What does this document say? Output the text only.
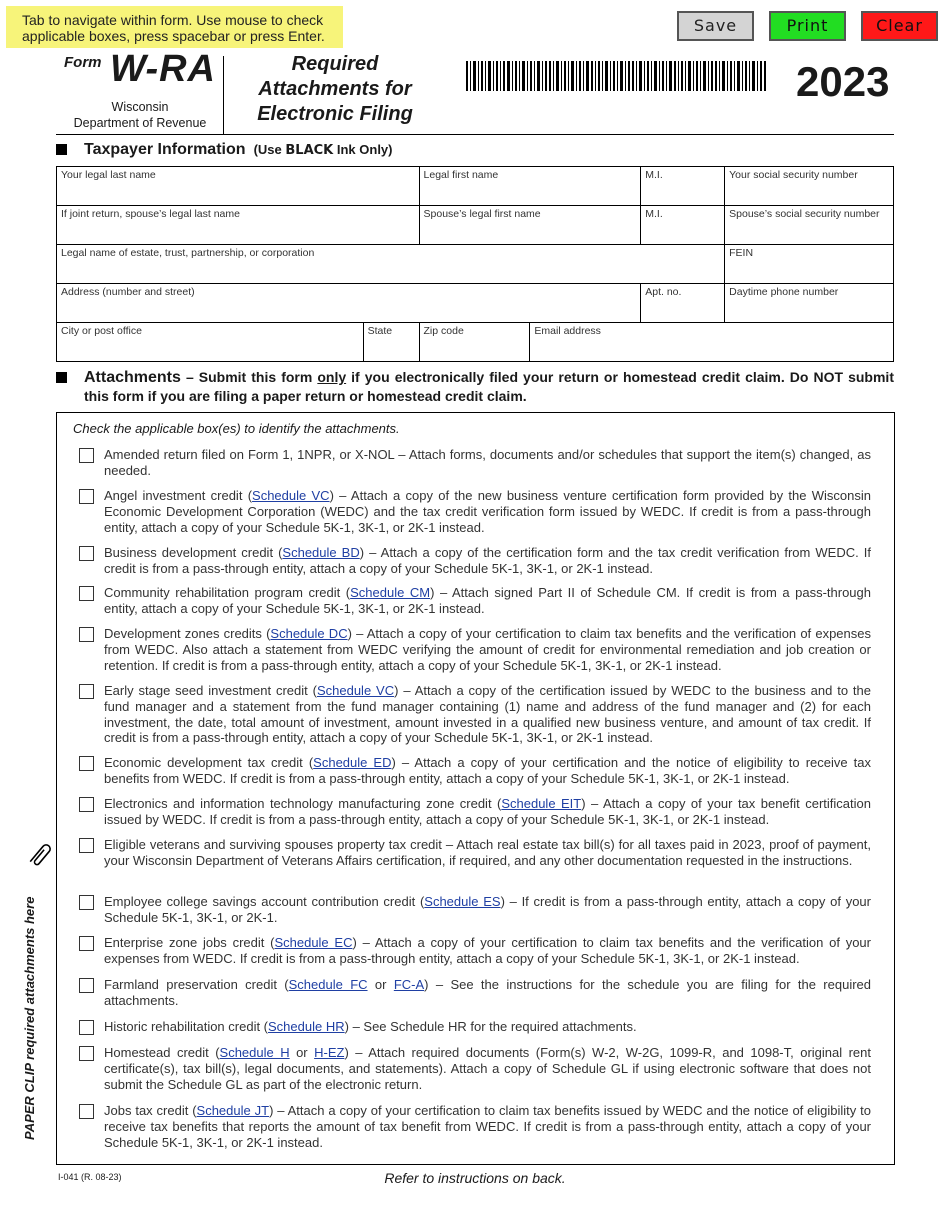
Tab to navigate within form. Use mouse to check applicable boxes, press spacebar or press Enter.
Save	Print	Clear
Form W-RA
Wisconsin
Department of Revenue
Required
Attachments for
Electronic Filing
2023
Taxpayer Information (Use BLACK Ink Only)
Your legal last name		Legal first name		M.I.	Your social security number
If joint return, spouse’s legal last name		Spouse’s legal first name		M.I.	Spouse’s social security number
Legal name of estate, trust, partnership, or corporation					FEIN
Address (number and street)				Apt. no.	Daytime phone number
City or post office	State	Zip code	Email address		
Attachments – Submit this form only if you electronically filed your return or homestead credit claim. Do NOT submit this form if you are filing a paper return or homestead credit claim.
Check the applicable box(es) to identify the attachments.
Amended return filed on Form 1, 1NPR, or X-NOL – Attach forms, documents and/or schedules that support the item(s) changed, as needed.
Angel investment credit (Schedule VC) – Attach a copy of the new business venture certification form provided by the Wisconsin Economic Development Corporation (WEDC) and the tax credit verification form issued by WEDC. If credit is from a pass-through entity, attach a copy of your Schedule 5K-1, 3K-1, or 2K-1 instead.
Business development credit (Schedule BD) – Attach a copy of the certification form and the tax credit verification from WEDC. If credit is from a pass-through entity, attach a copy of your Schedule 5K-1, 3K-1, or 2K-1 instead.
Community rehabilitation program credit (Schedule CM) – Attach signed Part II of Schedule CM. If credit is from a pass-through entity, attach a copy of your Schedule 5K-1, 3K-1, or 2K-1 instead.
Development zones credits (Schedule DC) – Attach a copy of your certification to claim tax benefits and the verification of expenses from WEDC. Also attach a statement from WEDC verifying the amount of credit for environmental remediation and job creation or retention. If credit is from a pass-through entity, attach a copy of your Schedule 5K-1, 3K-1, or 2K-1 instead.
Early stage seed investment credit (Schedule VC) – Attach a copy of the certification issued by WEDC to the business and to the fund manager and a statement from the fund manager containing (1) name and address of the fund manager and (2) for each investment, the date, total amount of investment, amount invested in a qualified new business venture, and amount of tax credit. If credit is from a pass-through entity, attach a copy of your Schedule 5K-1, 3K-1, or 2K-1 instead.
Economic development tax credit (Schedule ED) – Attach a copy of your certification and the notice of eligibility to receive tax benefits from WEDC. If credit is from a pass-through entity, attach a copy of your Schedule 5K-1, 3K-1, or 2K-1 instead.
Electronics and information technology manufacturing zone credit (Schedule EIT) – Attach a copy of your tax benefit certification issued by WEDC. If credit is from a pass-through entity, attach a copy of your Schedule 5K-1, 3K-1, or 2K-1 instead.
Eligible veterans and surviving spouses property tax credit – Attach real estate tax bill(s) for all taxes paid in 2023, proof of payment, your Wisconsin Department of Veterans Affairs certification, if required, and any other documentation requested in the instructions.
Employee college savings account contribution credit (Schedule ES) – If credit is from a pass-through entity, attach a copy of your Schedule 5K-1, 3K-1, or 2K-1.
Enterprise zone jobs credit (Schedule EC) – Attach a copy of your certification to claim tax benefits and the verification of your expenses from WEDC. If credit is from a pass-through entity, attach a copy of your Schedule 5K-1, 3K-1, or 2K-1 instead.
Farmland preservation credit (Schedule FC or FC-A) – See the instructions for the schedule you are filing for the required attachments.
Historic rehabilitation credit (Schedule HR) – See Schedule HR for the required attachments.
Homestead credit (Schedule H or H-EZ) – Attach required documents (Form(s) W-2, W-2G, 1099-R, and 1098-T, original rent certificate(s), tax bill(s), legal documents, and statements). Attach a copy of Schedule GL if using electronic software that does not submit the Schedule GL as part of the electronic return.
Jobs tax credit (Schedule JT) – Attach a copy of your certification to claim tax benefits issued by WEDC and the notice of eligibility to receive tax benefits that reports the amount of tax benefit from WEDC. If credit is from a pass-through entity, attach a copy of your Schedule 5K-1, 3K-1, or 2K-1 instead.
PAPER CLIP required attachments here
I-041 (R. 08-23)	Refer to instructions on back.
